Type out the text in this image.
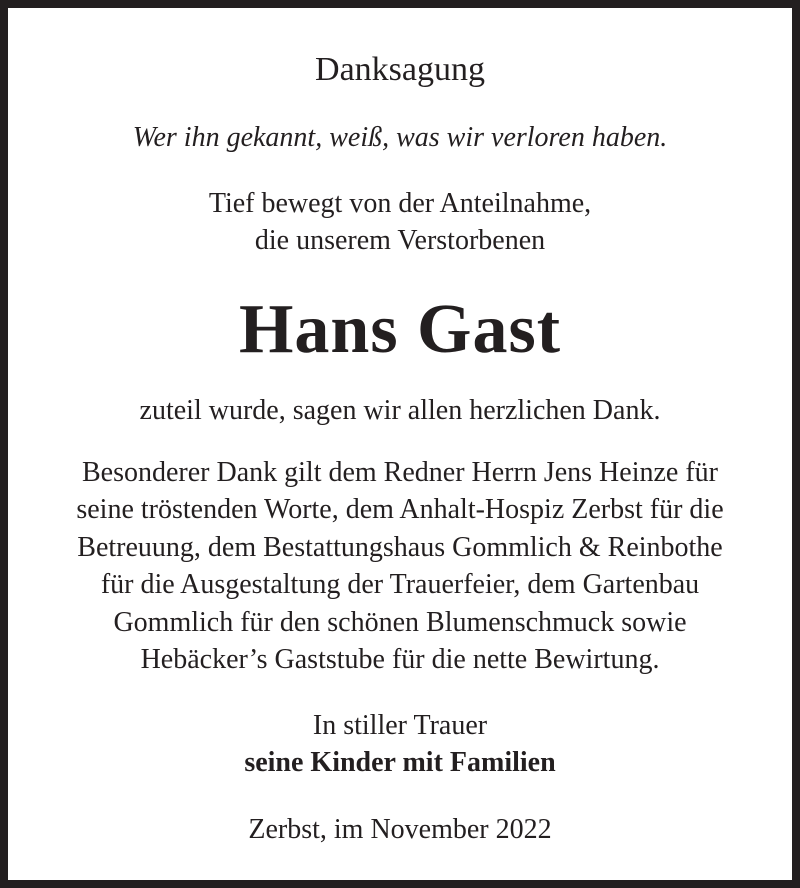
Danksagung

Wer ihn gekannt, weiß, was wir verloren haben.

Tief bewegt von der Anteilnahme,
die unserem Verstorbenen

Hans Gast

zuteil wurde, sagen wir allen herzlichen Dank.

Besonderer Dank gilt dem Redner Herrn Jens Heinze für
seine tröstenden Worte, dem Anhalt-Hospiz Zerbst für die
Betreuung, dem Bestattungshaus Gommlich & Reinbothe
für die Ausgestaltung der Trauerfeier, dem Gartenbau
Gommlich für den schönen Blumenschmuck sowie
Hebäcker’s Gaststube für die nette Bewirtung.
In stiller Trauer
seine Kinder mit Familien

Zerbst, im November 2022
